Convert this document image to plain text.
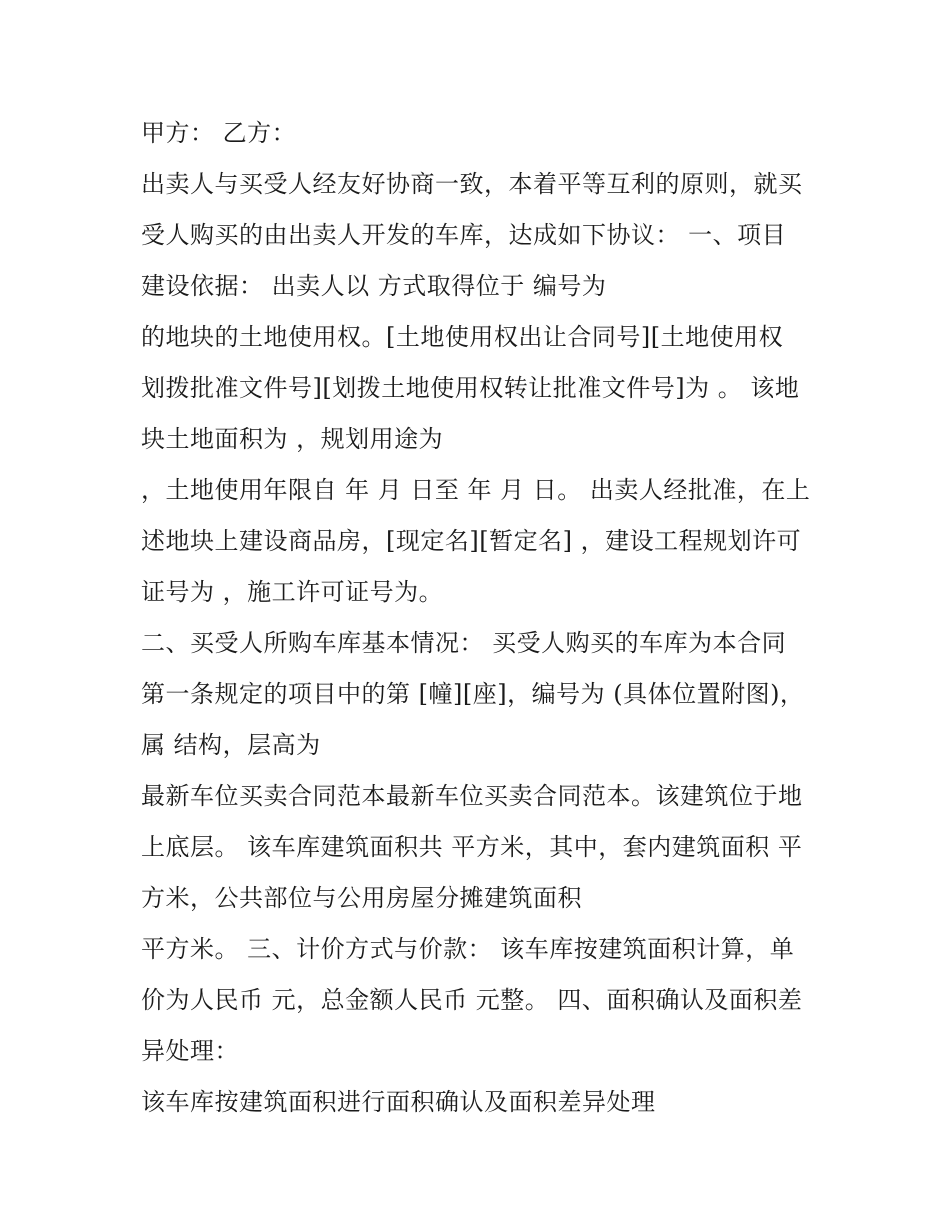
甲方： 乙方：
出卖人与买受人经友好协商一致，本着平等互利的原则，就买
受人购买的由出卖人开发的车库，达成如下协议： 一、项目
建设依据： 出卖人以 方式取得位于 编号为
的地块的土地使用权。[土地使用权出让合同号][土地使用权
划拨批准文件号][划拨土地使用权转让批准文件号]为 。 该地
块土地面积为 ，规划用途为
，土地使用年限自 年 月 日至 年 月 日。 出卖人经批准，在上
述地块上建设商品房，[现定名][暂定名] ，建设工程规划许可
证号为 ，施工许可证号为。
二、买受人所购车库基本情况： 买受人购买的车库为本合同
第一条规定的项目中的第 [幢][座]，编号为 (具体位置附图)，
属 结构，层高为
最新车位买卖合同范本最新车位买卖合同范本。该建筑位于地
上底层。 该车库建筑面积共 平方米，其中，套内建筑面积 平
方米，公共部位与公用房屋分摊建筑面积
平方米。 三、计价方式与价款： 该车库按建筑面积计算，单
价为人民币 元，总金额人民币 元整。 四、面积确认及面积差
异处理：
该车库按建筑面积进行面积确认及面积差异处理
